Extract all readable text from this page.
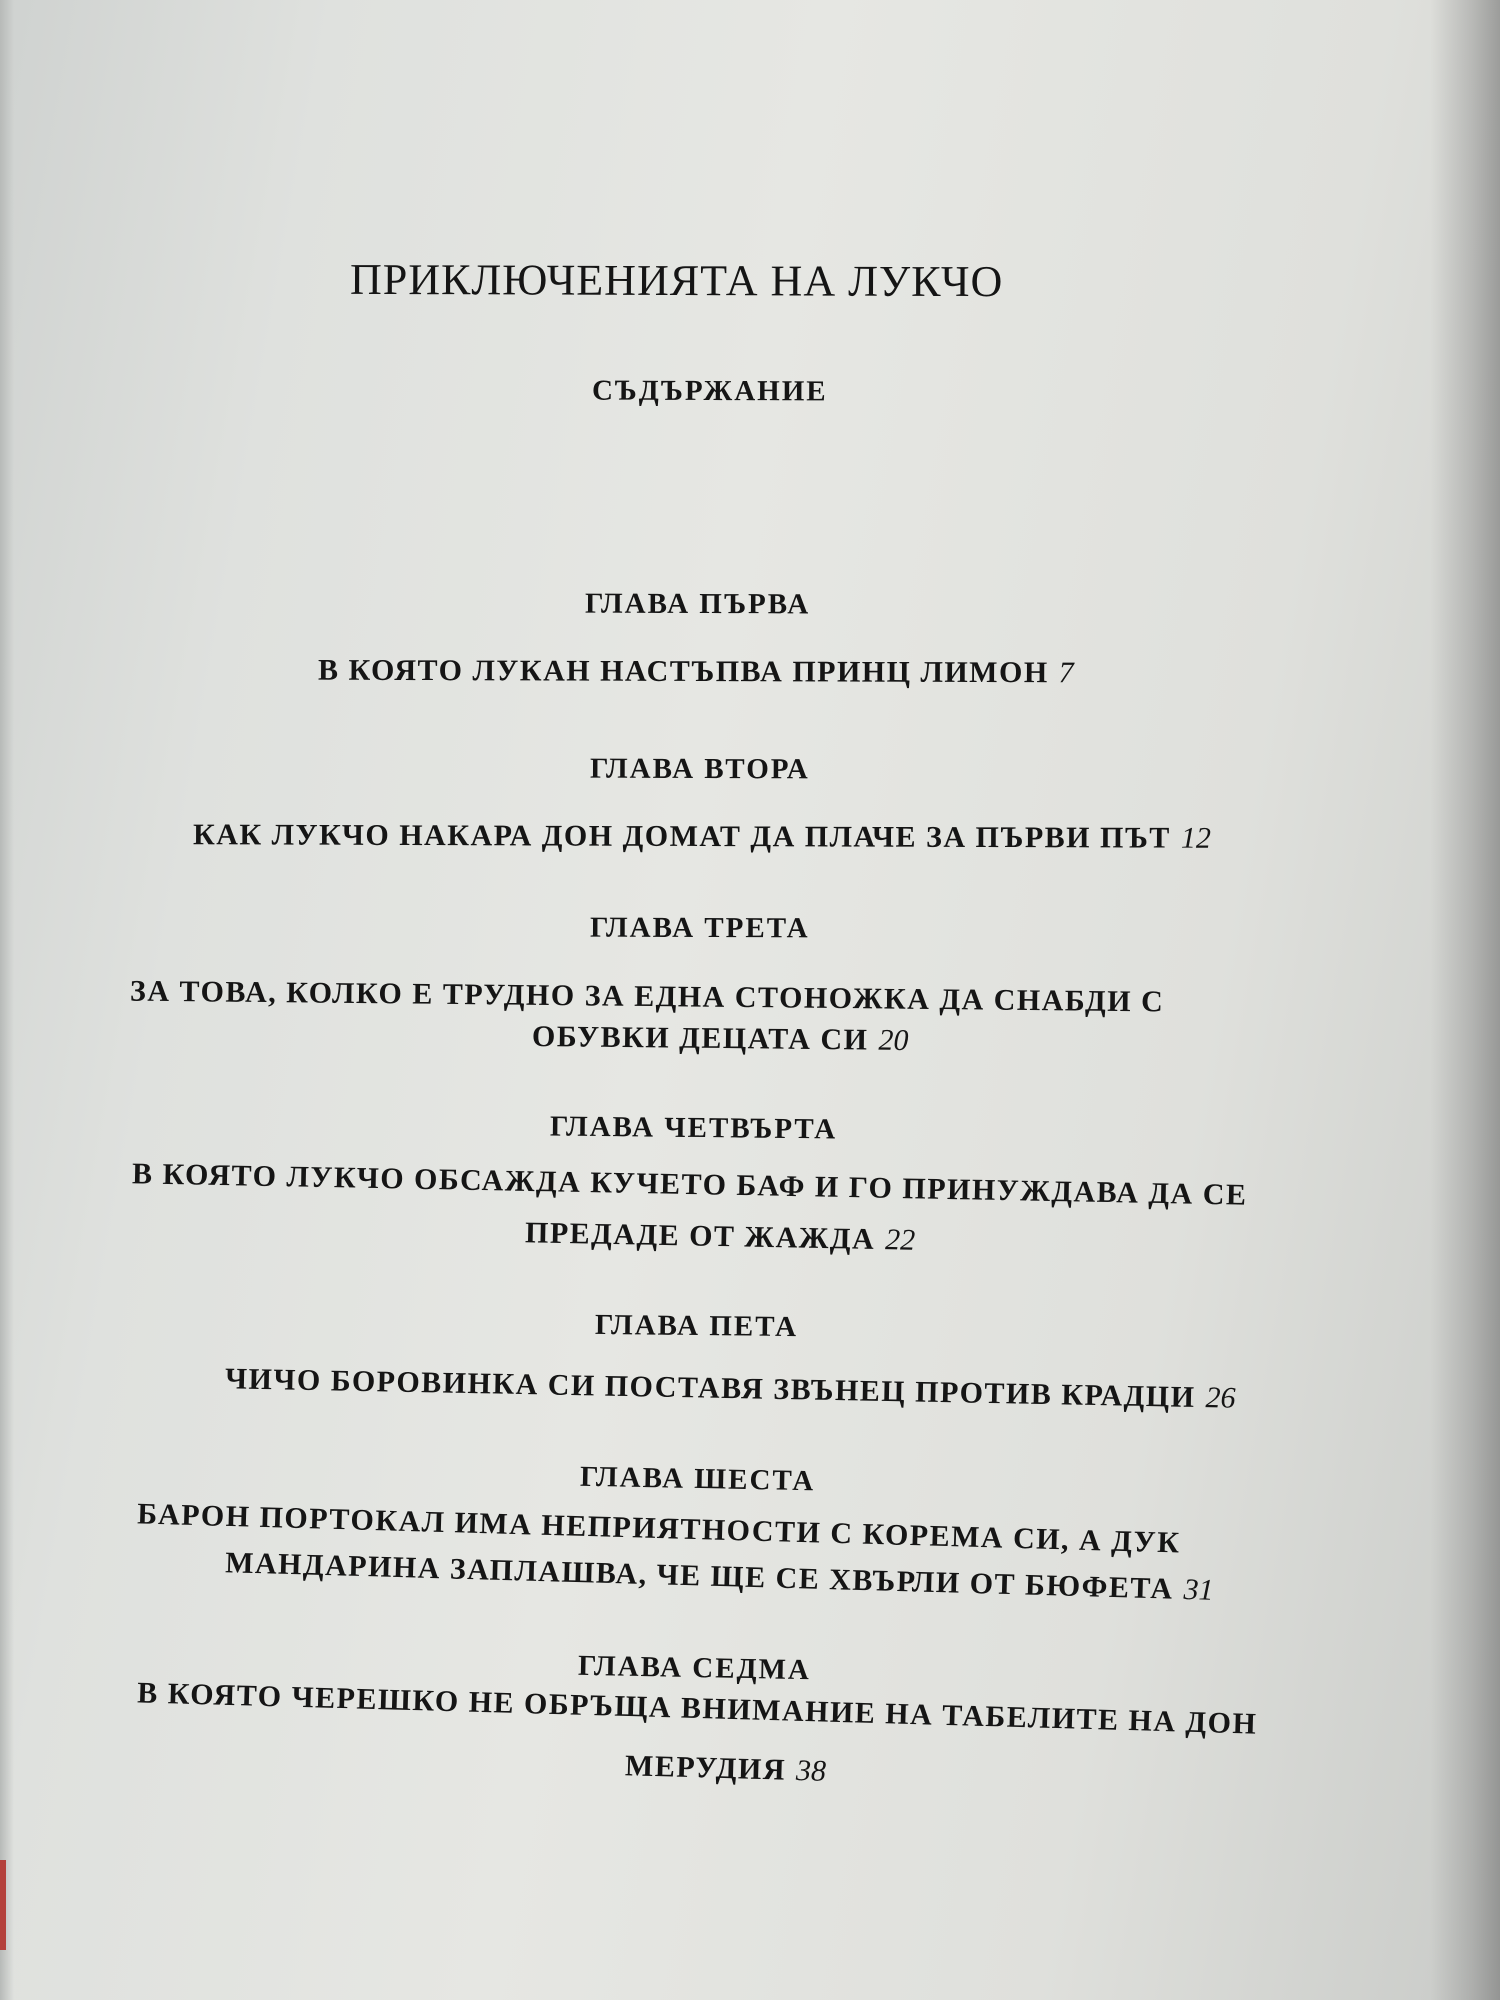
ПРИКЛЮЧЕНИЯТА НА ЛУКЧО
СЪДЪРЖАНИЕ
ГЛАВА ПЪРВА
В КОЯТО ЛУКАН НАСТЪПВА ПРИНЦ ЛИМОН 7
ГЛАВА ВТОРА
КАК ЛУКЧО НАКАРА ДОН ДОМАТ ДА ПЛАЧЕ ЗА ПЪРВИ ПЪТ 12
ГЛАВА ТРЕТА
ЗА ТОВА, КОЛКО Е ТРУДНО ЗА ЕДНА СТОНОЖКА ДА СНАБДИ С
ОБУВКИ ДЕЦАТА СИ 20
ГЛАВА ЧЕТВЪРТА
В КОЯТО ЛУКЧО ОБСАЖДА КУЧЕТО БАФ И ГО ПРИНУЖДАВА ДА СЕ
ПРЕДАДЕ ОТ ЖАЖДА 22
ГЛАВА ПЕТА
ЧИЧО БОРОВИНКА СИ ПОСТАВЯ ЗВЪНЕЦ ПРОТИВ КРАДЦИ 26
ГЛАВА ШЕСТА
БАРОН ПОРТОКАЛ ИМА НЕПРИЯТНОСТИ С КОРЕМА СИ, А ДУК
МАНДАРИНА ЗАПЛАШВА, ЧЕ ЩЕ СЕ ХВЪРЛИ ОТ БЮФЕТА 31
ГЛАВА СЕДМА
В КОЯТО ЧЕРЕШКО НЕ ОБРЪЩА ВНИМАНИЕ НА ТАБЕЛИТЕ НА ДОН
МЕРУДИЯ 38
